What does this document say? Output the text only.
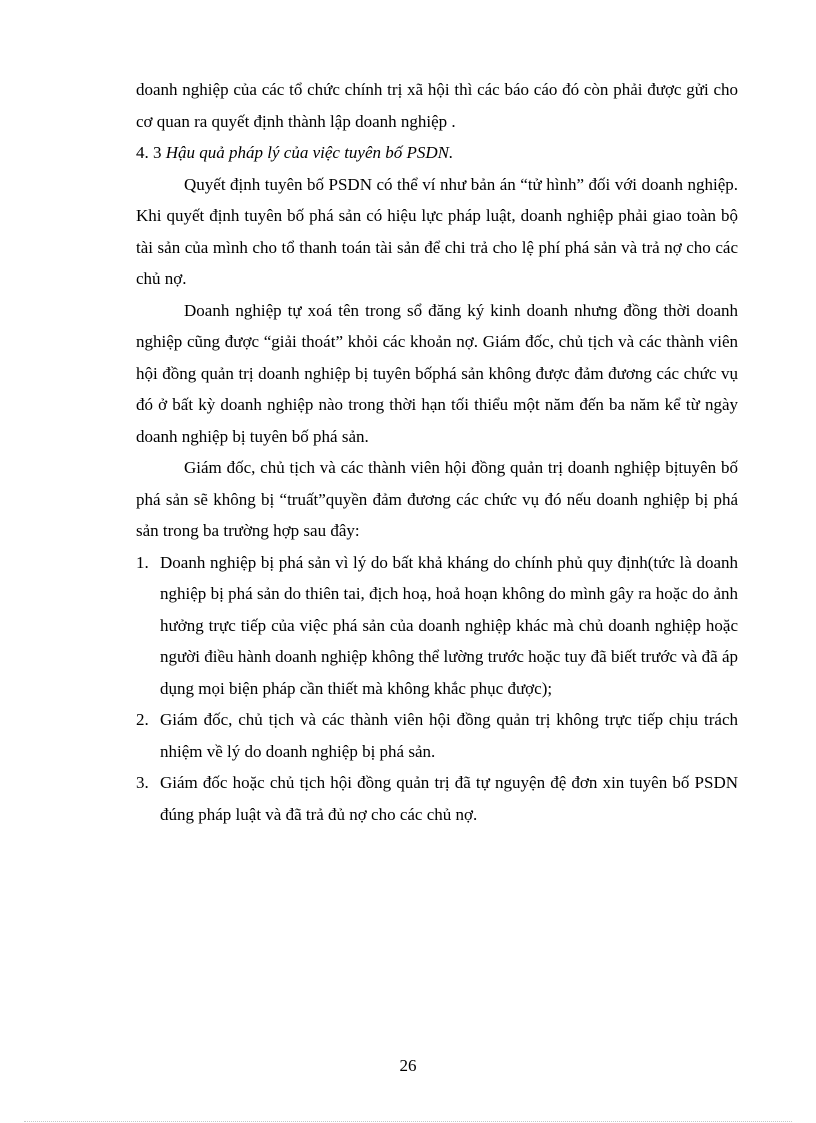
doanh nghiệp của các tổ chức chính trị xã hội thì các báo cáo đó còn phải được gửi cho cơ quan ra quyết định thành lập doanh nghiệp .

4. 3 Hậu quả pháp lý của việc tuyên bố PSDN.

Quyết định tuyên bố PSDN có thể ví như bản án “tử hình” đối với doanh nghiệp. Khi quyết định tuyên bố phá sản có hiệu lực pháp luật, doanh nghiệp phải giao toàn bộ tài sản của mình cho tổ thanh toán tài sản để chi trả cho lệ phí phá sản và trả nợ cho các chủ nợ.

Doanh nghiệp tự xoá tên trong sổ đăng ký kinh doanh nhưng đồng thời doanh nghiệp cũng được “giải thoát” khỏi các khoản nợ. Giám đốc, chủ tịch và các thành viên hội đồng quản trị doanh nghiệp bị tuyên bốphá sản không được đảm đương các chức vụ đó ở bất kỳ doanh nghiệp nào trong thời hạn tối thiểu một năm đến ba năm kể từ ngày doanh nghiệp bị tuyên bố phá sản.

Giám đốc, chủ tịch và các thành viên hội đồng quản trị doanh nghiệp bịtuyên bố phá sản sẽ không bị “truất”quyền đảm đương các chức vụ đó nếu doanh nghiệp bị phá sản trong ba trường hợp sau đây:

1. Doanh nghiệp bị phá sản vì lý do bất khả kháng do chính phủ quy định(tức là doanh nghiệp bị phá sản do thiên tai, địch hoạ, hoả hoạn không do mình gây ra hoặc do ảnh hưởng trực tiếp của việc phá sản của doanh nghiệp khác mà chủ doanh nghiệp hoặc người điều hành doanh nghiệp không thể lường trước hoặc tuy đã biết trước và đã áp dụng mọi biện pháp cần thiết mà không khắc phục được);
2. Giám đốc, chủ tịch và các thành viên hội đồng quản trị không trực tiếp chịu trách nhiệm về lý do doanh nghiệp bị phá sản.
3. Giám đốc hoặc chủ tịch hội đồng quản trị đã tự nguyện đệ đơn xin tuyên bố PSDN đúng pháp luật và đã trả đủ nợ cho các chủ nợ.
26
